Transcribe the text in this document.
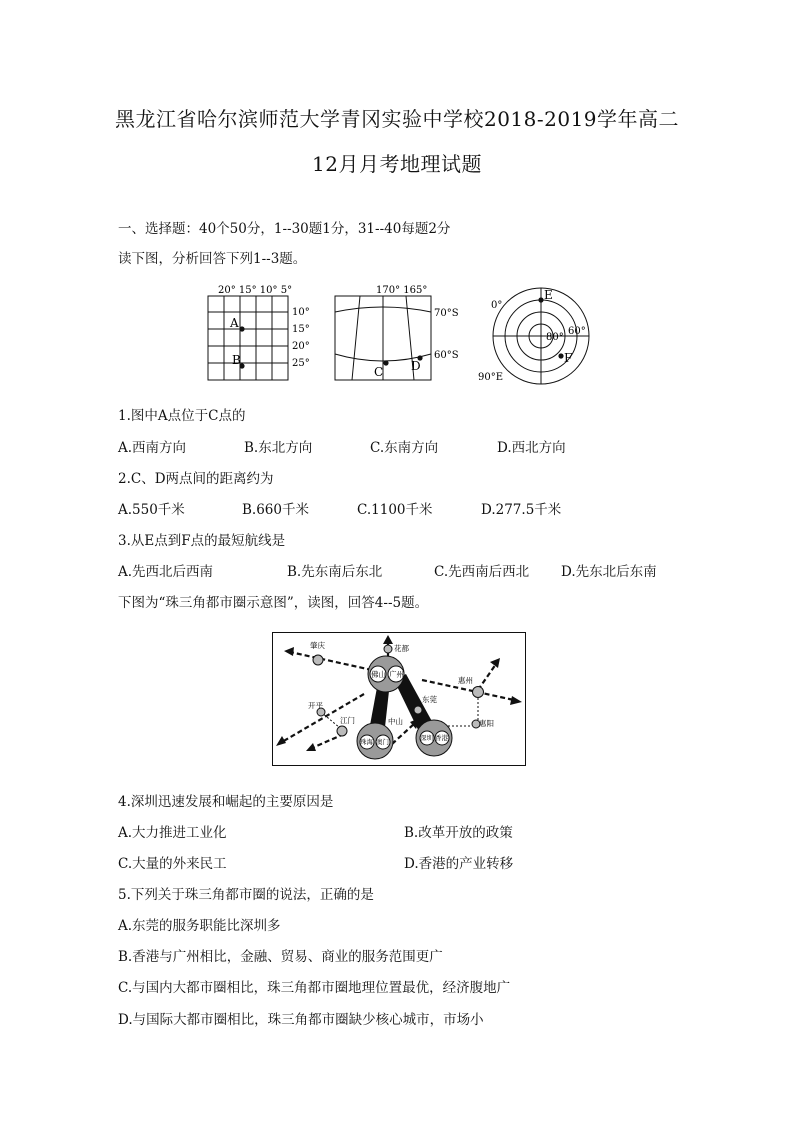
黑龙江省哈尔滨师范大学青冈实验中学校2018-2019学年高二
12月月考地理试题
一、选择题：40个50分，1--30题1分，31--40每题2分
读下图，分析回答下列1--3题。
20° 15° 10° 5°
10°
15°
20°
25°
A
B
170° 165°
70°S
60°S
C D
0°
80°
60°
90°E
E
F
1.图中A点位于C点的
A.西南方向	B.东北方向	C.东南方向	D.西北方向
2.C、D两点间的距离约为
A.550千米	B.660千米	C.1100千米	D.277.5千米
3.从E点到F点的最短航线是
A.先西北后西南	B.先东南后东北	C.先西南后西北 D.先东北后东南
下图为“珠三角都市圈示意图”，读图，回答4--5题。
肇庆	花都
佛山 广州
惠州
开平
江门	中山
东莞
惠阳
珠海 澳门	深圳 香港
4.深圳迅速发展和崛起的主要原因是
A.大力推进工业化	B.改革开放的政策
C.大量的外来民工	D.香港的产业转移
5.下列关于珠三角都市圈的说法，正确的是
A.东莞的服务职能比深圳多
B.香港与广州相比，金融、贸易、商业的服务范围更广
C.与国内大都市圈相比，珠三角都市圈地理位置最优，经济腹地广
D.与国际大都市圈相比，珠三角都市圈缺少核心城市，市场小
